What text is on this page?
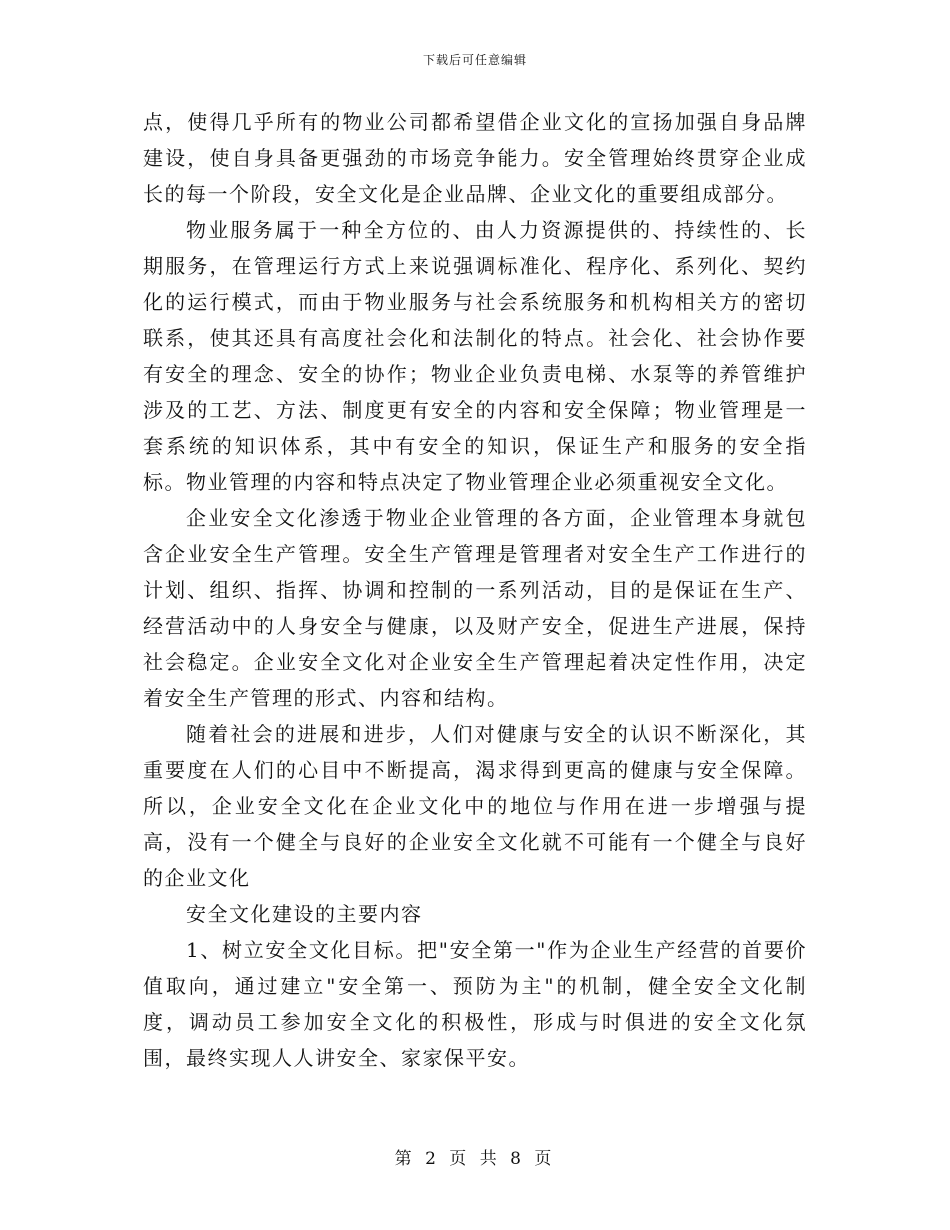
下载后可任意编辑

点，使得几乎所有的物业公司都希望借企业文化的宣扬加强自身品牌建设，使自身具备更强劲的市场竞争能力。安全管理始终贯穿企业成长的每一个阶段，安全文化是企业品牌、企业文化的重要组成部分。

物业服务属于一种全方位的、由人力资源提供的、持续性的、长期服务，在管理运行方式上来说强调标准化、程序化、系列化、契约化的运行模式，而由于物业服务与社会系统服务和机构相关方的密切联系，使其还具有高度社会化和法制化的特点。社会化、社会协作要有安全的理念、安全的协作；物业企业负责电梯、水泵等的养管维护涉及的工艺、方法、制度更有安全的内容和安全保障；物业管理是一套系统的知识体系，其中有安全的知识，保证生产和服务的安全指标。物业管理的内容和特点决定了物业管理企业必须重视安全文化。

企业安全文化渗透于物业企业管理的各方面，企业管理本身就包含企业安全生产管理。安全生产管理是管理者对安全生产工作进行的计划、组织、指挥、协调和控制的一系列活动，目的是保证在生产、经营活动中的人身安全与健康，以及财产安全，促进生产进展，保持社会稳定。企业安全文化对企业安全生产管理起着决定性作用，决定着安全生产管理的形式、内容和结构。

随着社会的进展和进步，人们对健康与安全的认识不断深化，其重要度在人们的心目中不断提高，渴求得到更高的健康与安全保障。所以，企业安全文化在企业文化中的地位与作用在进一步增强与提高，没有一个健全与良好的企业安全文化就不可能有一个健全与良好的企业文化

安全文化建设的主要内容

1、树立安全文化目标。把"安全第一"作为企业生产经营的首要价值取向，通过建立"安全第一、预防为主"的机制，健全安全文化制度，调动员工参加安全文化的积极性，形成与时俱进的安全文化氛围，最终实现人人讲安全、家家保平安。

第 2 页 共 8 页
